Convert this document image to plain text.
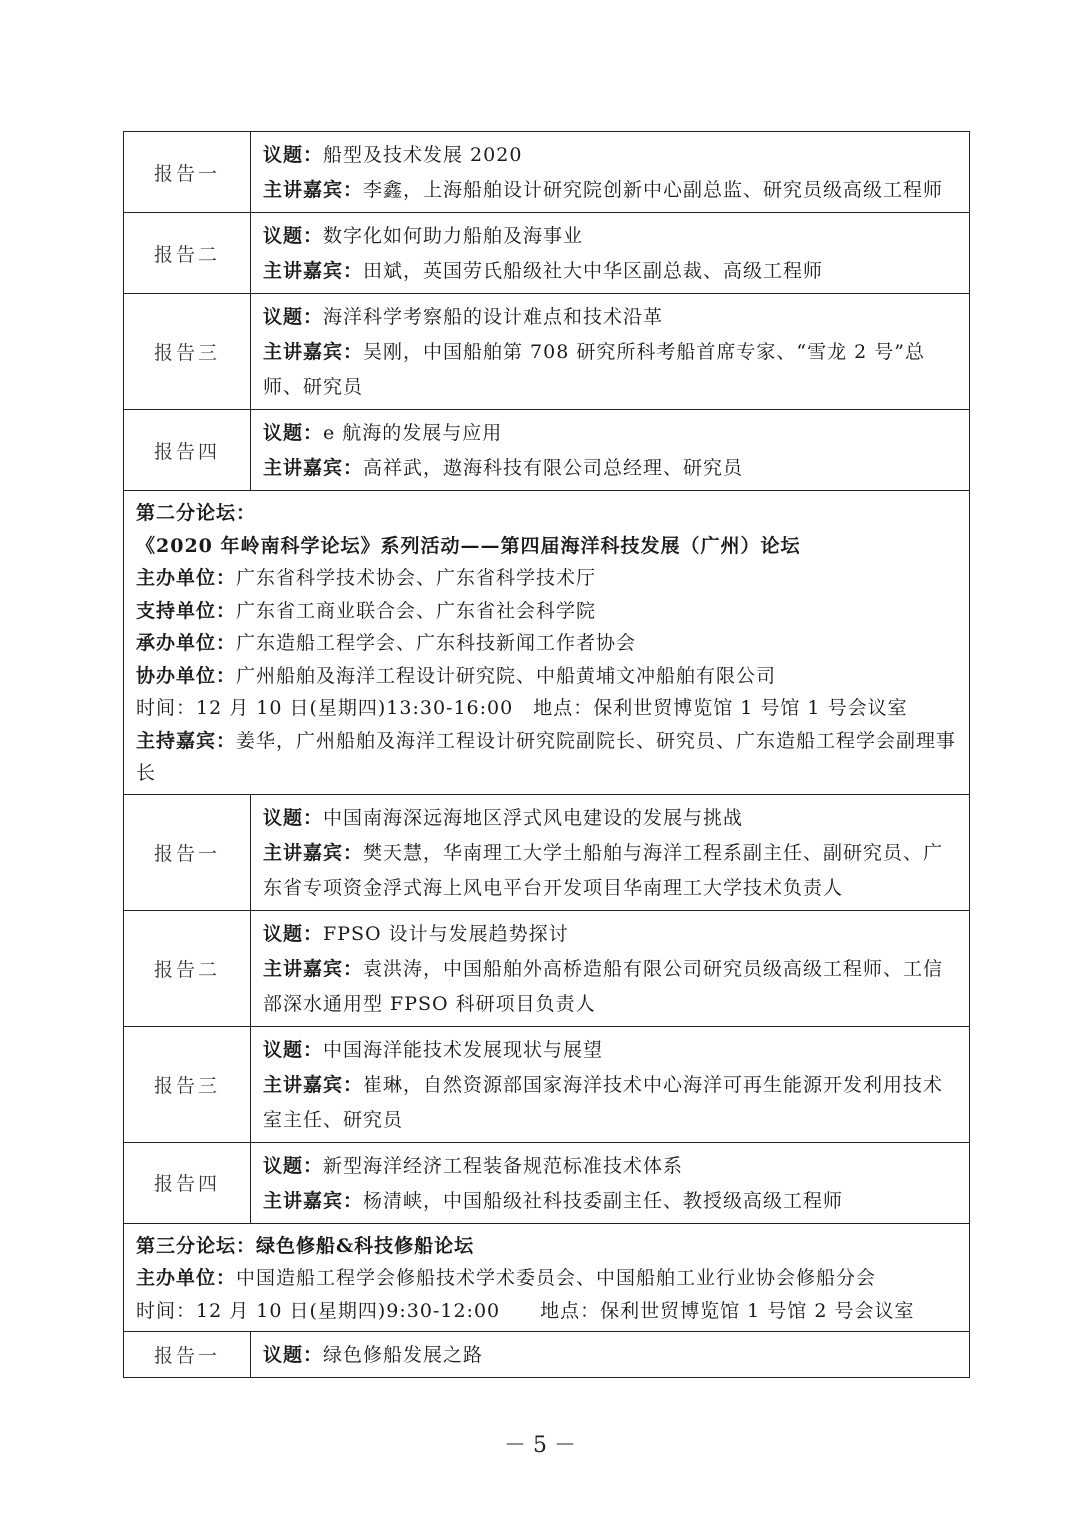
报告一
议题：船型及技术发展 2020
主讲嘉宾：李鑫，上海船舶设计研究院创新中心副总监、研究员级高级工程师
报告二
议题：数字化如何助力船舶及海事业
主讲嘉宾：田斌，英国劳氏船级社大中华区副总裁、高级工程师
报告三
议题：海洋科学考察船的设计难点和技术沿革
主讲嘉宾：吴刚，中国船舶第 708 研究所科考船首席专家、“雪龙 2 号”总师、研究员
报告四
议题：e 航海的发展与应用
主讲嘉宾：高祥武，遨海科技有限公司总经理、研究员
第二分论坛：
《2020 年岭南科学论坛》系列活动——第四届海洋科技发展（广州）论坛
主办单位：广东省科学技术协会、广东省科学技术厅
支持单位：广东省工商业联合会、广东省社会科学院
承办单位：广东造船工程学会、广东科技新闻工作者协会
协办单位：广州船舶及海洋工程设计研究院、中船黄埔文冲船舶有限公司
时间：12 月 10 日(星期四)13:30-16:00　地点：保利世贸博览馆 1 号馆 1 号会议室
主持嘉宾：姜华，广州船舶及海洋工程设计研究院副院长、研究员、广东造船工程学会副理事长
报告一
议题：中国南海深远海地区浮式风电建设的发展与挑战
主讲嘉宾：樊天慧，华南理工大学土船舶与海洋工程系副主任、副研究员、广东省专项资金浮式海上风电平台开发项目华南理工大学技术负责人
报告二
议题：FPSO 设计与发展趋势探讨
主讲嘉宾：袁洪涛，中国船舶外高桥造船有限公司研究员级高级工程师、工信部深水通用型 FPSO 科研项目负责人
报告三
议题：中国海洋能技术发展现状与展望
主讲嘉宾：崔琳，自然资源部国家海洋技术中心海洋可再生能源开发利用技术室主任、研究员
报告四
议题：新型海洋经济工程装备规范标准技术体系
主讲嘉宾：杨清峡，中国船级社科技委副主任、教授级高级工程师
第三分论坛：绿色修船&科技修船论坛
主办单位：中国造船工程学会修船技术学术委员会、中国船舶工业行业协会修船分会
时间：12 月 10 日(星期四)9:30-12:00　　地点：保利世贸博览馆 1 号馆 2 号会议室
报告一	议题：绿色修船发展之路
－ 5 －
